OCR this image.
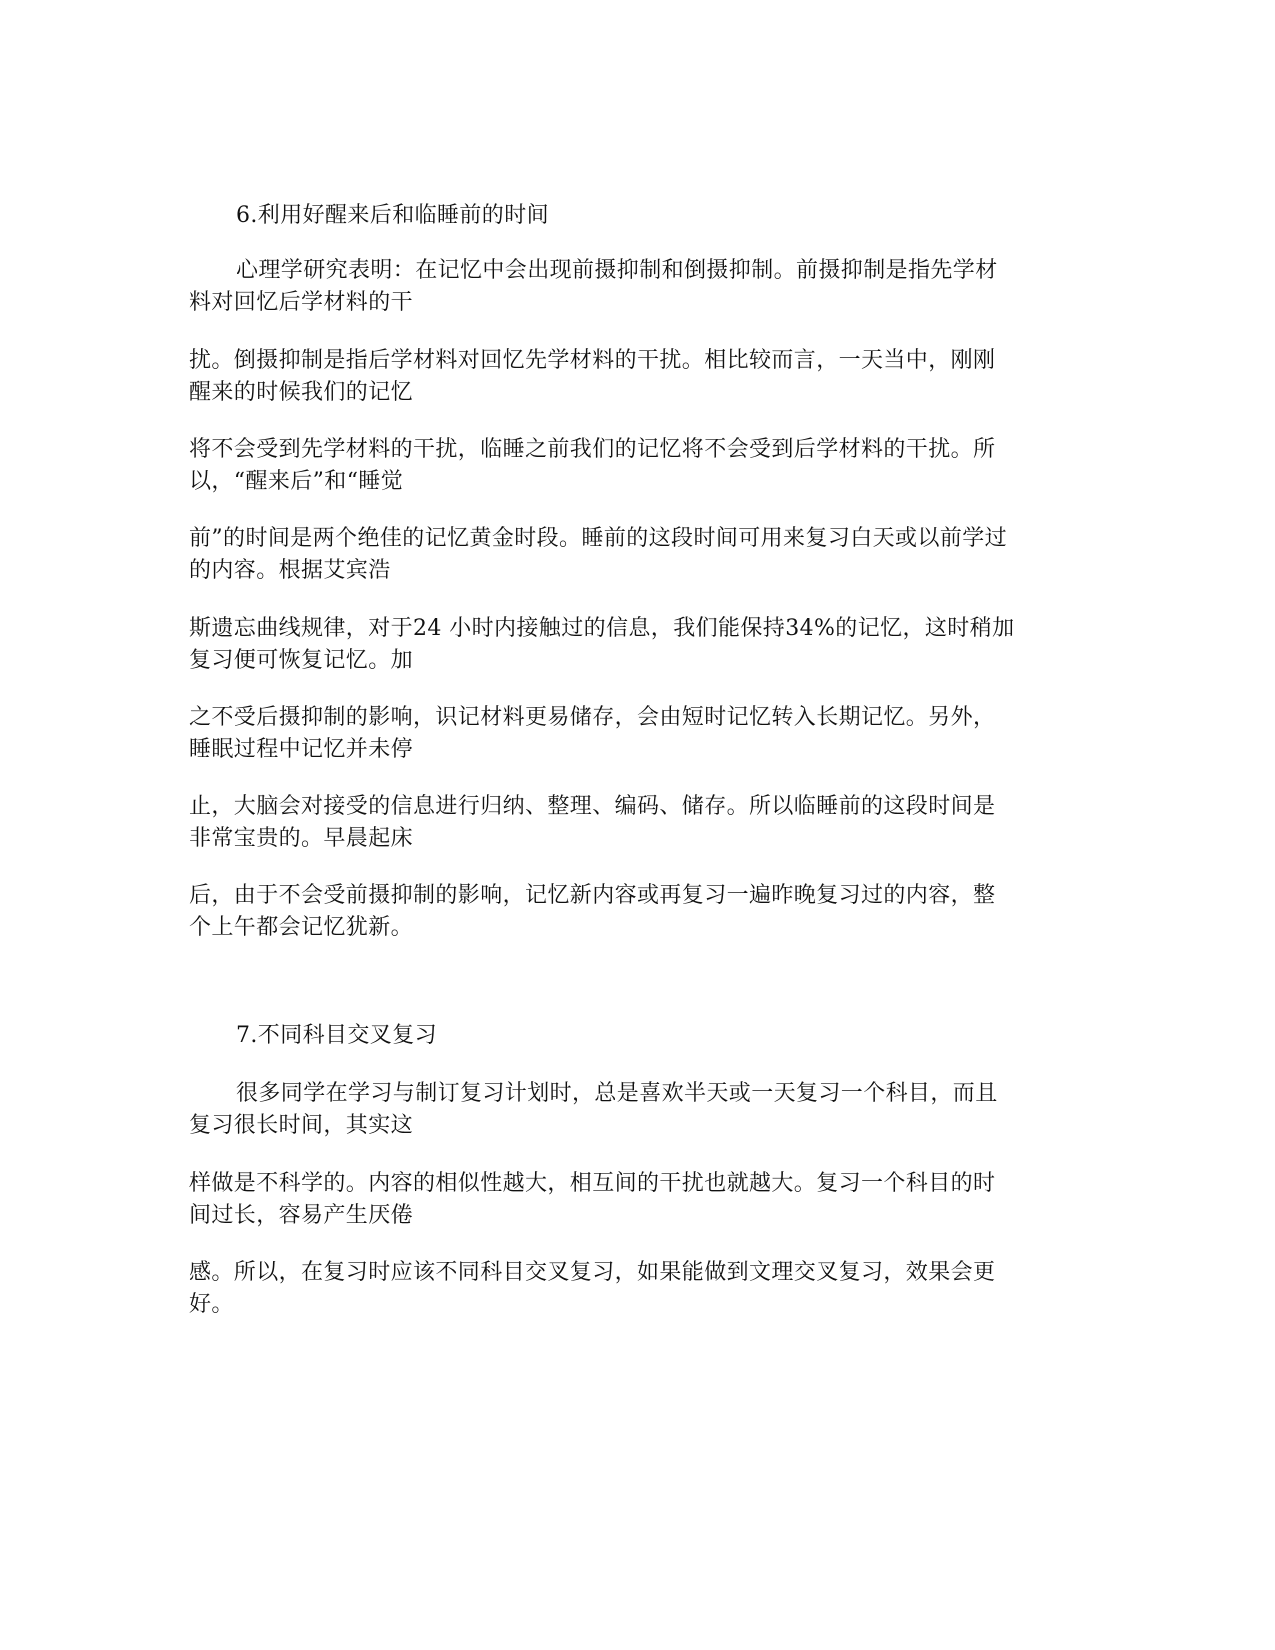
6.利用好醒来后和临睡前的时间
心理学研究表明：在记忆中会出现前摄抑制和倒摄抑制。前摄抑制是指先学材
料对回忆后学材料的干
扰。倒摄抑制是指后学材料对回忆先学材料的干扰。相比较而言，一天当中，刚刚
醒来的时候我们的记忆
将不会受到先学材料的干扰，临睡之前我们的记忆将不会受到后学材料的干扰。所
以，“醒来后”和“睡觉
前”的时间是两个绝佳的记忆黄金时段。睡前的这段时间可用来复习白天或以前学过
的内容。根据艾宾浩
斯遗忘曲线规律，对于24 小时内接触过的信息，我们能保持34%的记忆，这时稍加
复习便可恢复记忆。加
之不受后摄抑制的影响，识记材料更易储存，会由短时记忆转入长期记忆。另外，
睡眠过程中记忆并未停
止，大脑会对接受的信息进行归纳、整理、编码、储存。所以临睡前的这段时间是
非常宝贵的。早晨起床
后，由于不会受前摄抑制的影响，记忆新内容或再复习一遍昨晚复习过的内容，整
个上午都会记忆犹新。
7.不同科目交叉复习
很多同学在学习与制订复习计划时，总是喜欢半天或一天复习一个科目，而且
复习很长时间，其实这
样做是不科学的。内容的相似性越大，相互间的干扰也就越大。复习一个科目的时
间过长，容易产生厌倦
感。所以，在复习时应该不同科目交叉复习，如果能做到文理交叉复习，效果会更
好。
